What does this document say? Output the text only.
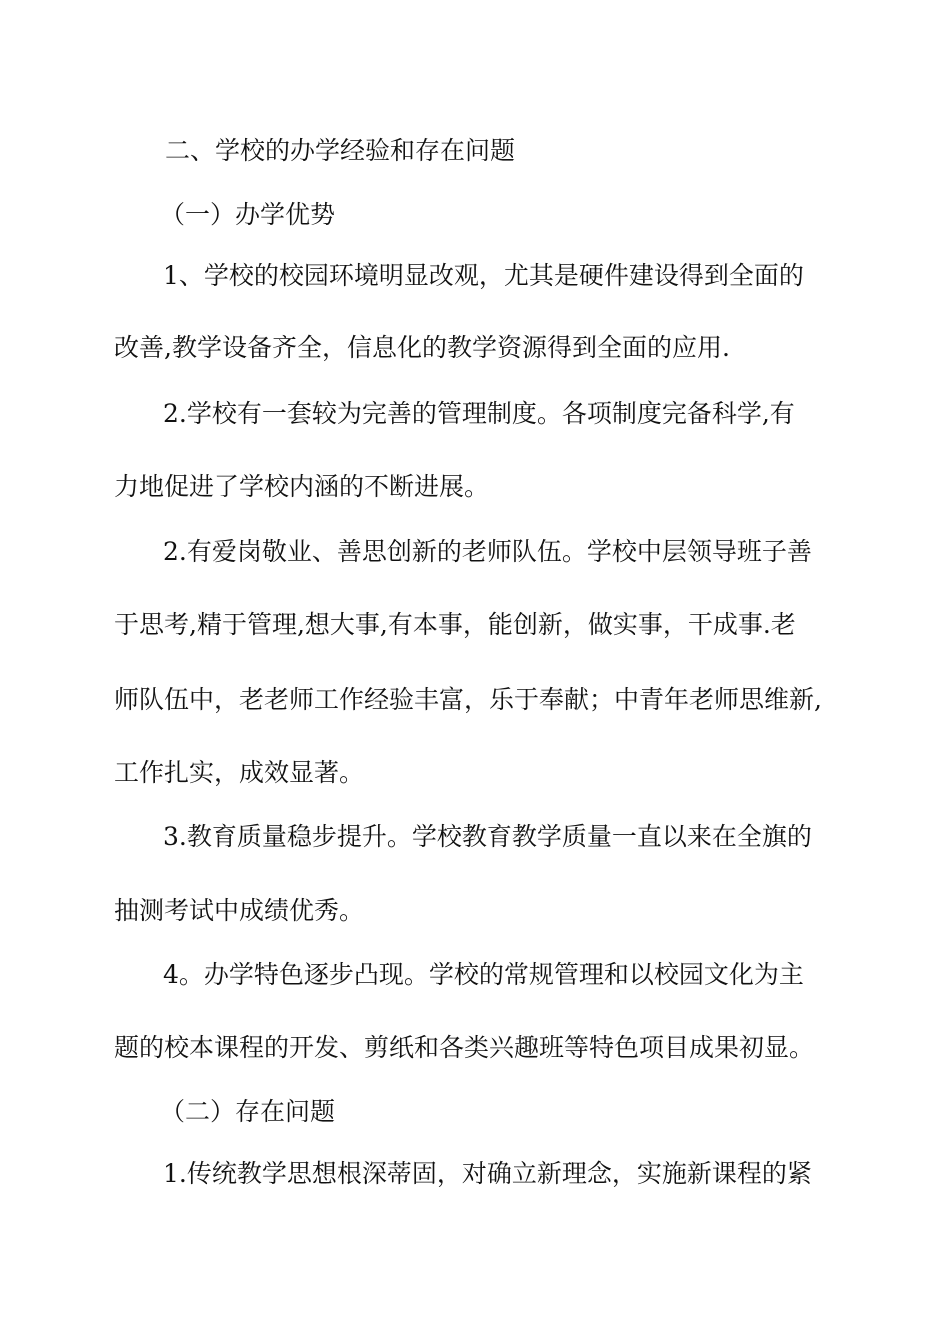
二、学校的办学经验和存在问题
（一）办学优势
1、学校的校园环境明显改观，尤其是硬件建设得到全面的
改善,教学设备齐全，信息化的教学资源得到全面的应用.
2.学校有一套较为完善的管理制度。各项制度完备科学,有
力地促进了学校内涵的不断进展。
2.有爱岗敬业、善思创新的老师队伍。学校中层领导班子善
于思考,精于管理,想大事,有本事，能创新，做实事，干成事.老
师队伍中，老老师工作经验丰富，乐于奉献；中青年老师思维新,
工作扎实，成效显著。
3.教育质量稳步提升。学校教育教学质量一直以来在全旗的
抽测考试中成绩优秀。
4。办学特色逐步凸现。学校的常规管理和以校园文化为主
题的校本课程的开发、剪纸和各类兴趣班等特色项目成果初显。
（二）存在问题
1.传统教学思想根深蒂固，对确立新理念，实施新课程的紧
